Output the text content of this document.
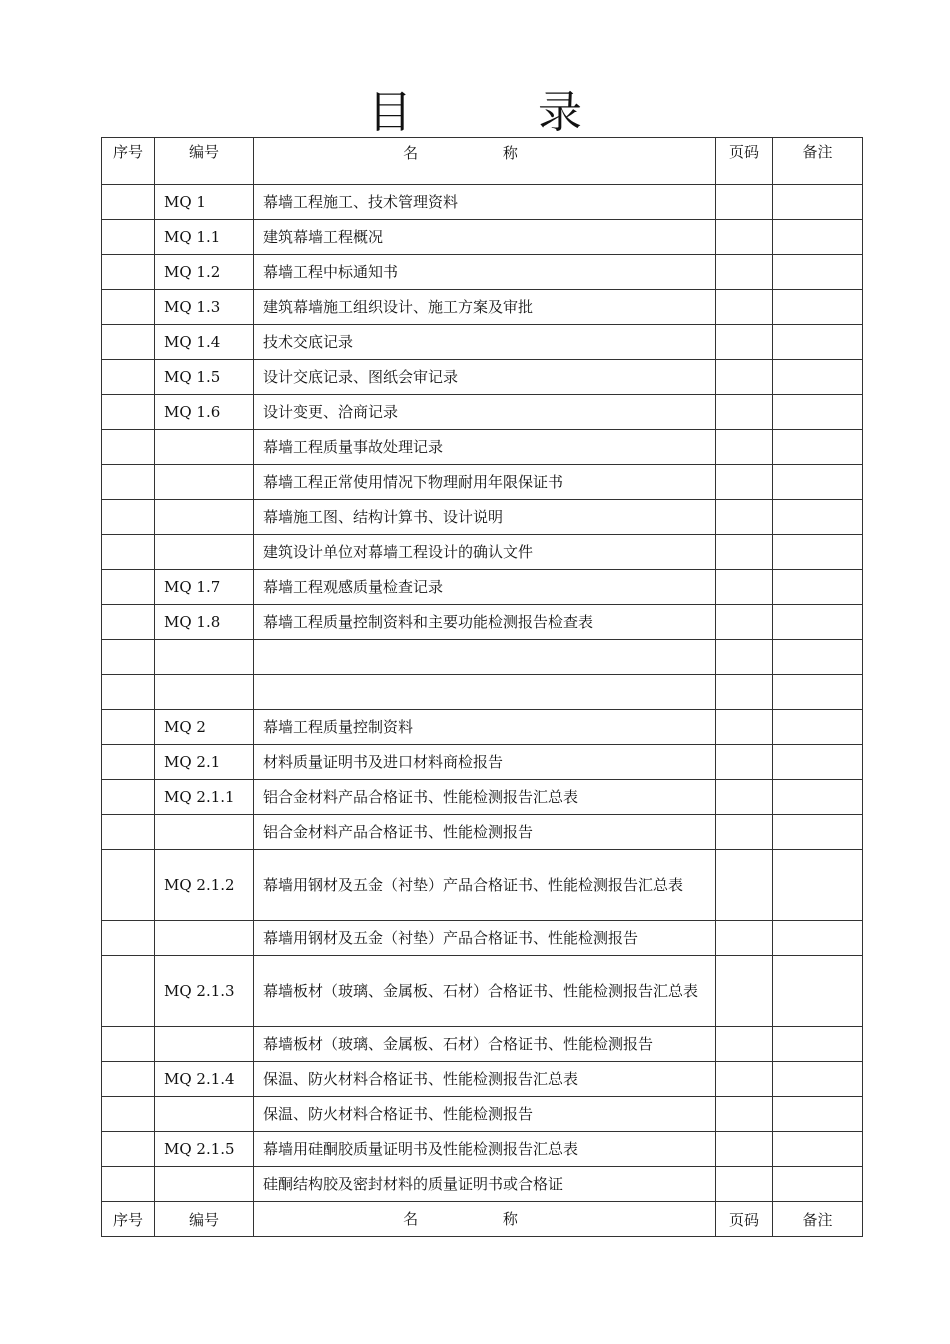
目 录
序号	编号	名 称	页码	备注
	MQ 1	幕墙工程施工、技术管理资料		
	MQ 1.1	建筑幕墙工程概况		
	MQ 1.2	幕墙工程中标通知书		
	MQ 1.3	建筑幕墙施工组织设计、施工方案及审批		
	MQ 1.4	技术交底记录		
	MQ 1.5	设计交底记录、图纸会审记录		
	MQ 1.6	设计变更、洽商记录		
		幕墙工程质量事故处理记录		
		幕墙工程正常使用情况下物理耐用年限保证书		
		幕墙施工图、结构计算书、设计说明		
		建筑设计单位对幕墙工程设计的确认文件		
	MQ 1.7	幕墙工程观感质量检查记录		
	MQ 1.8	幕墙工程质量控制资料和主要功能检测报告检查表		

	MQ 2	幕墙工程质量控制资料		
	MQ 2.1	材料质量证明书及进口材料商检报告		
	MQ 2.1.1	铝合金材料产品合格证书、性能检测报告汇总表		
		铝合金材料产品合格证书、性能检测报告		
	MQ 2.1.2	幕墙用钢材及五金（衬垫）产品合格证书、性能检测报告汇总表		
		幕墙用钢材及五金（衬垫）产品合格证书、性能检测报告		
	MQ 2.1.3	幕墙板材（玻璃、金属板、石材）合格证书、性能检测报告汇总表		
		幕墙板材（玻璃、金属板、石材）合格证书、性能检测报告		
	MQ 2.1.4	保温、防火材料合格证书、性能检测报告汇总表		
		保温、防火材料合格证书、性能检测报告		
	MQ 2.1.5	幕墙用硅酮胶质量证明书及性能检测报告汇总表		
		硅酮结构胶及密封材料的质量证明书或合格证		
序号	编号	名 称	页码	备注
